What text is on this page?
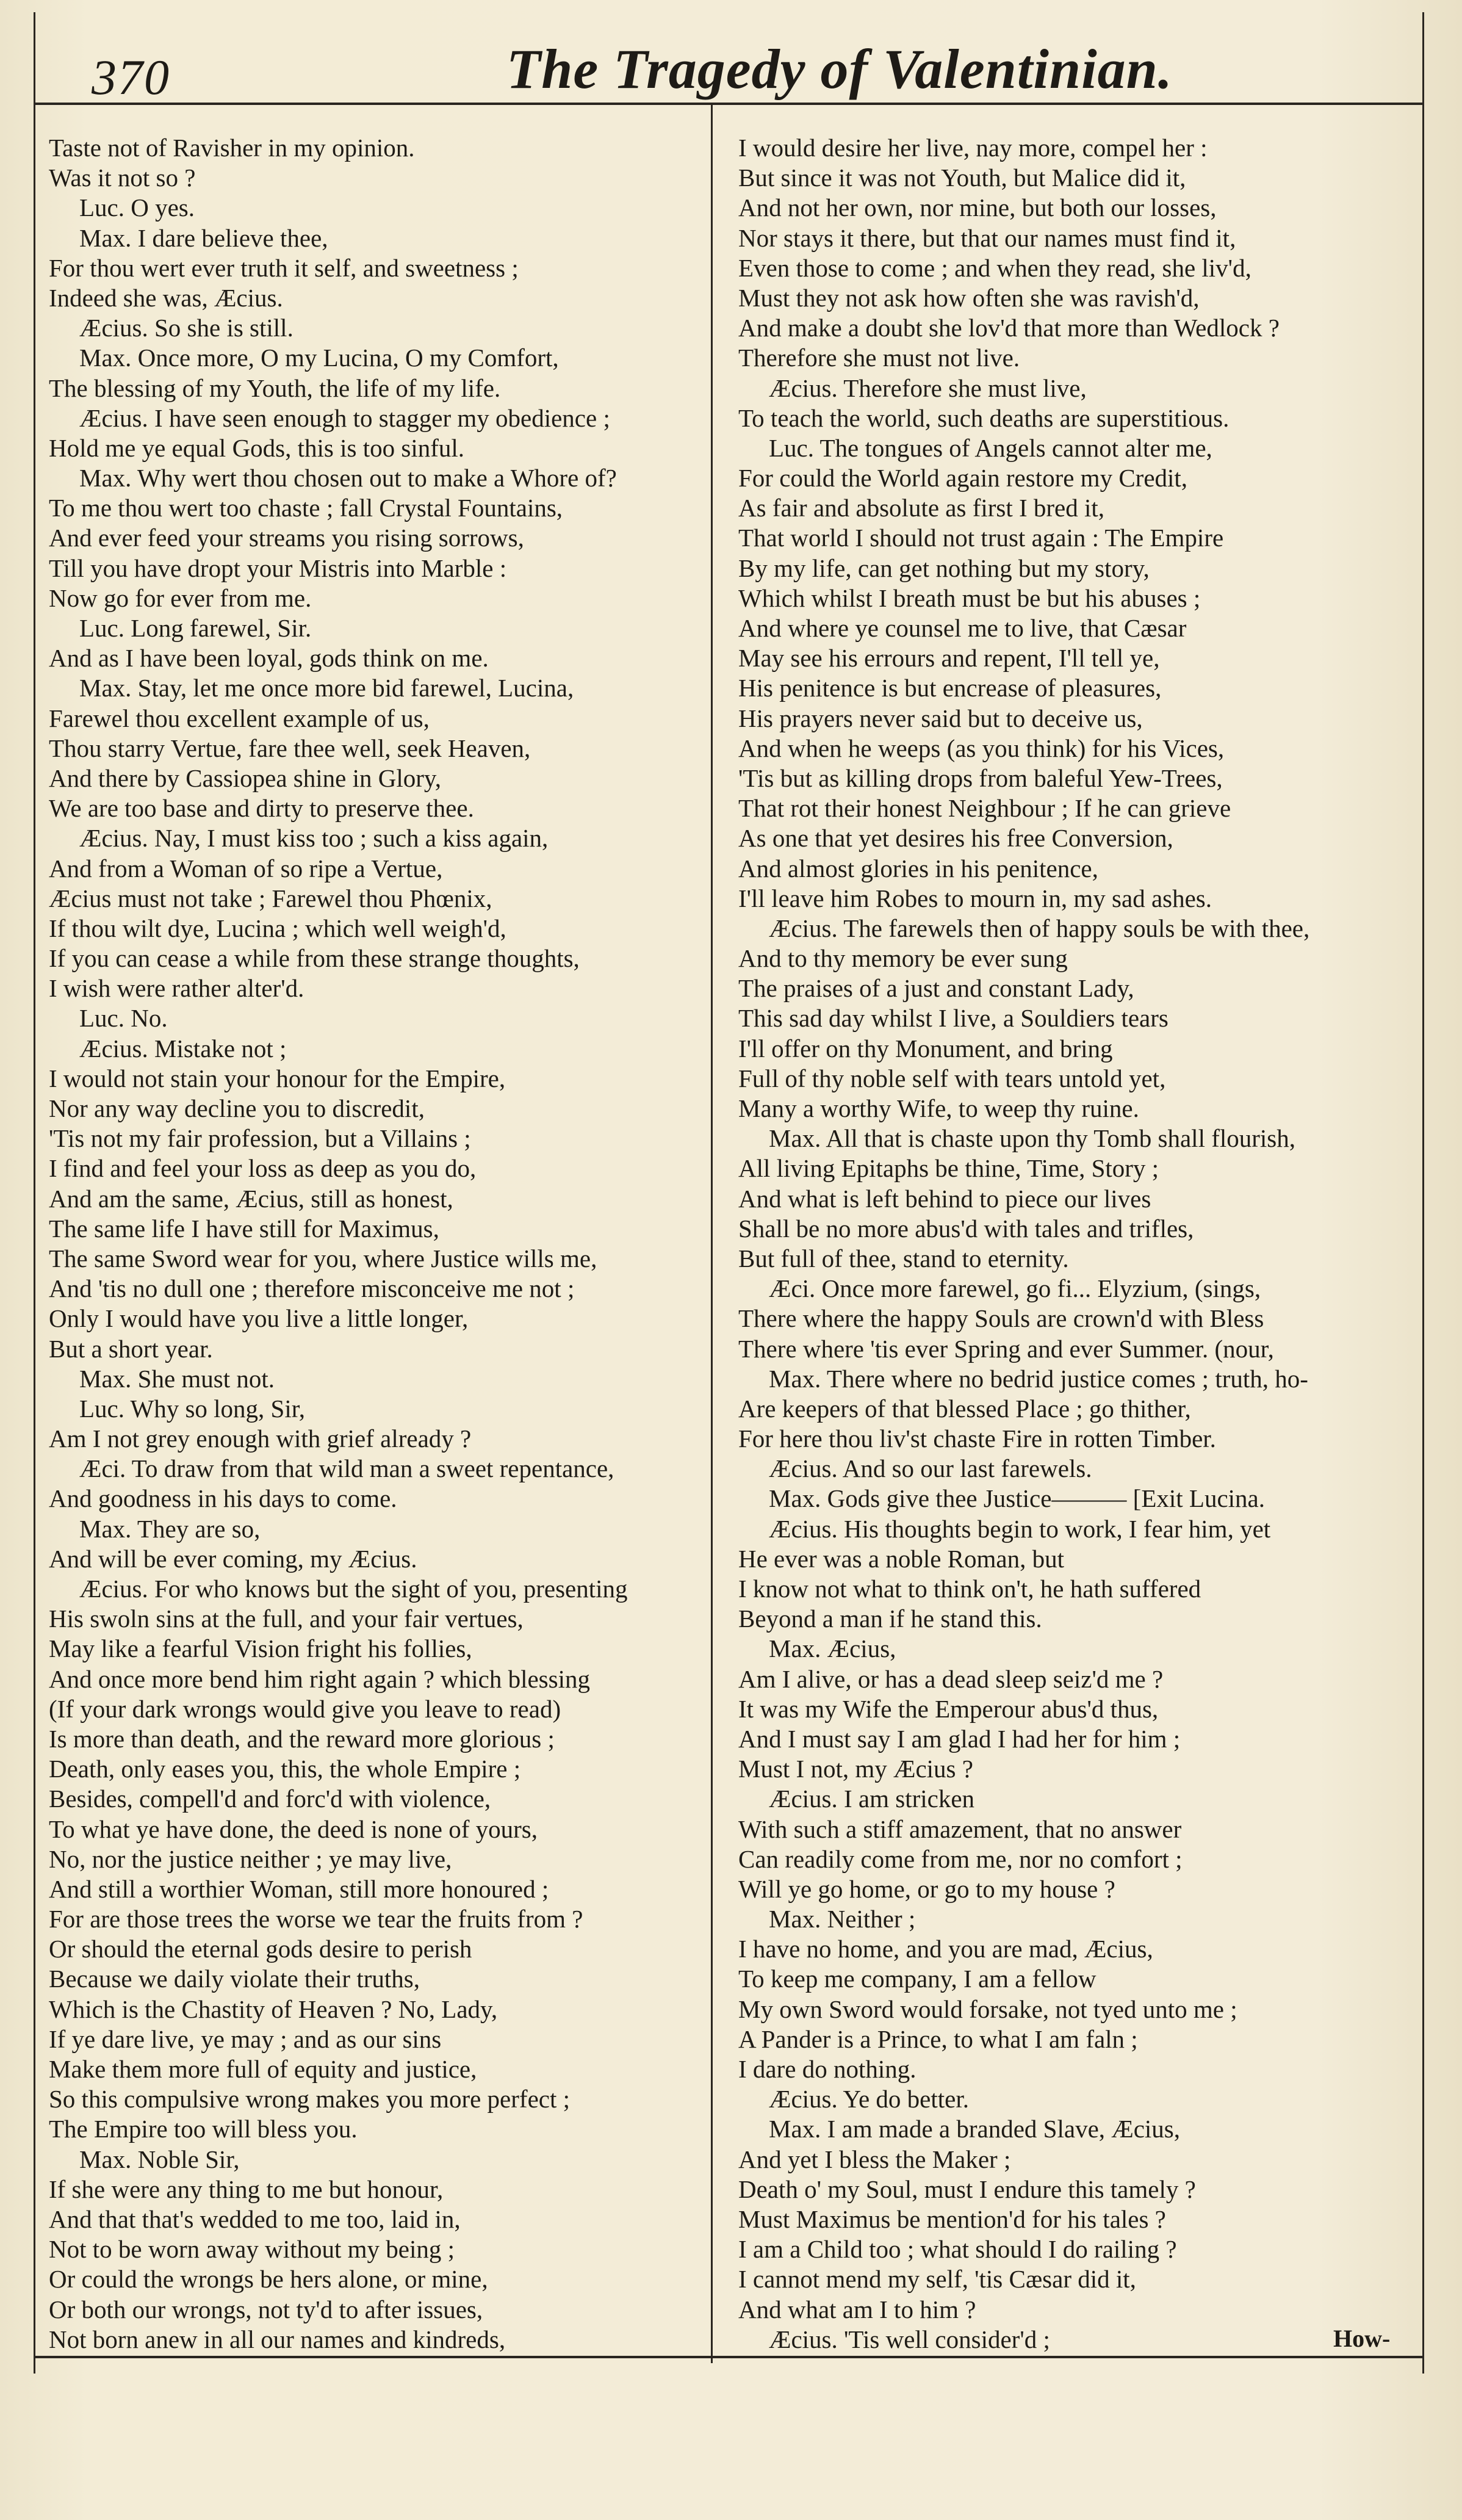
370	The Tragedy of Valentinian.
Taste not of Ravisher in my opinion.
Was it not so ?
Luc. O yes.
Max. I dare believe thee,
For thou wert ever truth it self, and sweetness ;
Indeed she was, Æcius.
Æcius. So she is still.
Max. Once more, O my Lucina, O my Comfort,
The blessing of my Youth, the life of my life.
Æcius. I have seen enough to stagger my obedience ;
Hold me ye equal Gods, this is too sinful.
Max. Why wert thou chosen out to make a Whore of?
To me thou wert too chaste ; fall Crystal Fountains,
And ever feed your streams you rising sorrows,
Till you have dropt your Mistris into Marble :
Now go for ever from me.
Luc. Long farewel, Sir.
And as I have been loyal, gods think on me.
Max. Stay, let me once more bid farewel, Lucina,
Farewel thou excellent example of us,
Thou starry Vertue, fare thee well, seek Heaven,
And there by Cassiopea shine in Glory,
We are too base and dirty to preserve thee.
Æcius. Nay, I must kiss too ; such a kiss again,
And from a Woman of so ripe a Vertue,
Æcius must not take ; Farewel thou Phœnix,
If thou wilt dye, Lucina ; which well weigh'd,
If you can cease a while from these strange thoughts,
I wish were rather alter'd.
Luc. No.
Æcius. Mistake not ;
I would not stain your honour for the Empire,
Nor any way decline you to discredit,
'Tis not my fair profession, but a Villains ;
I find and feel your loss as deep as you do,
And am the same, Æcius, still as honest,
The same life I have still for Maximus,
The same Sword wear for you, where Justice wills me,
And 'tis no dull one ; therefore misconceive me not ;
Only I would have you live a little longer,
But a short year.
Max. She must not.
Luc. Why so long, Sir,
Am I not grey enough with grief already ?
Æci. To draw from that wild man a sweet repentance,
And goodness in his days to come.
Max. They are so,
And will be ever coming, my Æcius.
Æcius. For who knows but the sight of you, presenting
His swoln sins at the full, and your fair vertues,
May like a fearful Vision fright his follies,
And once more bend him right again ? which blessing
(If your dark wrongs would give you leave to read)
Is more than death, and the reward more glorious ;
Death, only eases you, this, the whole Empire ;
Besides, compell'd and forc'd with violence,
To what ye have done, the deed is none of yours,
No, nor the justice neither ; ye may live,
And still a worthier Woman, still more honoured ;
For are those trees the worse we tear the fruits from ?
Or should the eternal gods desire to perish
Because we daily violate their truths,
Which is the Chastity of Heaven ? No, Lady,
If ye dare live, ye may ; and as our sins
Make them more full of equity and justice,
So this compulsive wrong makes you more perfect ;
The Empire too will bless you.
Max. Noble Sir,
If she were any thing to me but honour,
And that that's wedded to me too, laid in,
Not to be worn away without my being ;
Or could the wrongs be hers alone, or mine,
Or both our wrongs, not ty'd to after issues,
Not born anew in all our names and kindreds,
I would desire her live, nay more, compel her :
But since it was not Youth, but Malice did it,
And not her own, nor mine, but both our losses,
Nor stays it there, but that our names must find it,
Even those to come ; and when they read, she liv'd,
Must they not ask how often she was ravish'd,
And make a doubt she lov'd that more than Wedlock ?
Therefore she must not live.
Æcius. Therefore she must live,
To teach the world, such deaths are superstitious.
Luc. The tongues of Angels cannot alter me,
For could the World again restore my Credit,
As fair and absolute as first I bred it,
That world I should not trust again : The Empire
By my life, can get nothing but my story,
Which whilst I breath must be but his abuses ;
And where ye counsel me to live, that Cæsar
May see his errours and repent, I'll tell ye,
His penitence is but encrease of pleasures,
His prayers never said but to deceive us,
And when he weeps (as you think) for his Vices,
'Tis but as killing drops from baleful Yew-Trees,
That rot their honest Neighbour ; If he can grieve
As one that yet desires his free Conversion,
And almost glories in his penitence,
I'll leave him Robes to mourn in, my sad ashes.
Æcius. The farewels then of happy souls be with thee,
And to thy memory be ever sung
The praises of a just and constant Lady,
This sad day whilst I live, a Souldiers tears
I'll offer on thy Monument, and bring
Full of thy noble self with tears untold yet,
Many a worthy Wife, to weep thy ruine.
Max. All that is chaste upon thy Tomb shall flourish,
All living Epitaphs be thine, Time, Story ;
And what is left behind to piece our lives
Shall be no more abus'd with tales and trifles,
But full of thee, stand to eternity.
Æci. Once more farewel, go fi... Elyzium, (sings,
There where the happy Souls are crown'd with Bless
There where 'tis ever Spring and ever Summer. (nour,
Max. There where no bedrid justice comes ; truth, ho-
Are keepers of that blessed Place ; go thither,
For here thou liv'st chaste Fire in rotten Timber.
Æcius. And so our last farewels.
Max. Gods give thee Justice——— [Exit Lucina.
Æcius. His thoughts begin to work, I fear him, yet
He ever was a noble Roman, but
I know not what to think on't, he hath suffered
Beyond a man if he stand this.
Max. Æcius,
Am I alive, or has a dead sleep seiz'd me ?
It was my Wife the Emperour abus'd thus,
And I must say I am glad I had her for him ;
Must I not, my Æcius ?
Æcius. I am stricken
With such a stiff amazement, that no answer
Can readily come from me, nor no comfort ;
Will ye go home, or go to my house ?
Max. Neither ;
I have no home, and you are mad, Æcius,
To keep me company, I am a fellow
My own Sword would forsake, not tyed unto me ;
A Pander is a Prince, to what I am faln ;
I dare do nothing.
Æcius. Ye do better.
Max. I am made a branded Slave, Æcius,
And yet I bless the Maker ;
Death o' my Soul, must I endure this tamely ?
Must Maximus be mention'd for his tales ?
I am a Child too ; what should I do railing ?
I cannot mend my self, 'tis Cæsar did it,
And what am I to him ?
Æcius. 'Tis well consider'd ;	How-
